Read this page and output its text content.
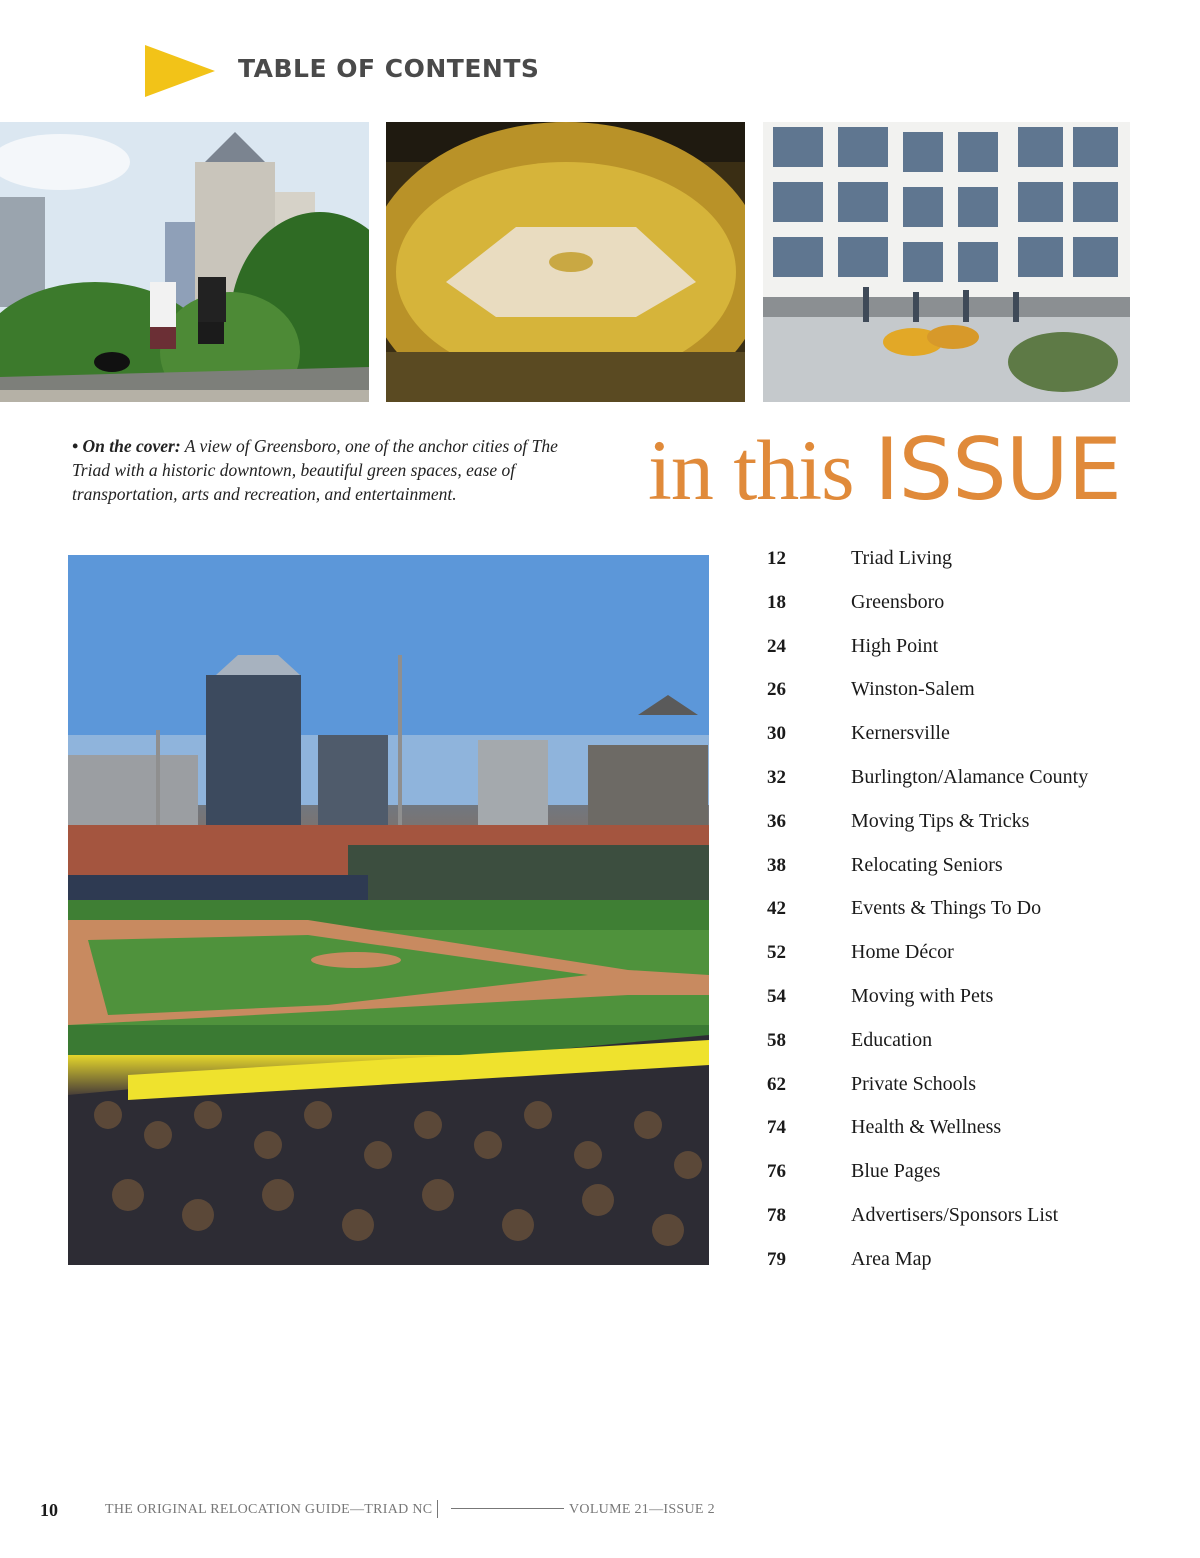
TABLE OF CONTENTS
• On the cover: A view of Greensboro, one of the anchor cities of The Triad with a historic downtown, beautiful green spaces, ease of transportation, arts and recreation, and entertainment.	in this ISSUE
12	Triad Living
18	Greensboro
24	High Point
26	Winston-Salem
30	Kernersville
32	Burlington/Alamance County
36	Moving Tips & Tricks
38	Relocating Seniors
42	Events & Things To Do
52	Home Décor
54	Moving with Pets
58	Education
62	Private Schools
74	Health & Wellness
76	Blue Pages
78	Advertisers/Sponsors List
79	Area Map
10	THE ORIGINAL RELOCATION GUIDE—TRIAD NC	VOLUME 21—ISSUE 2
